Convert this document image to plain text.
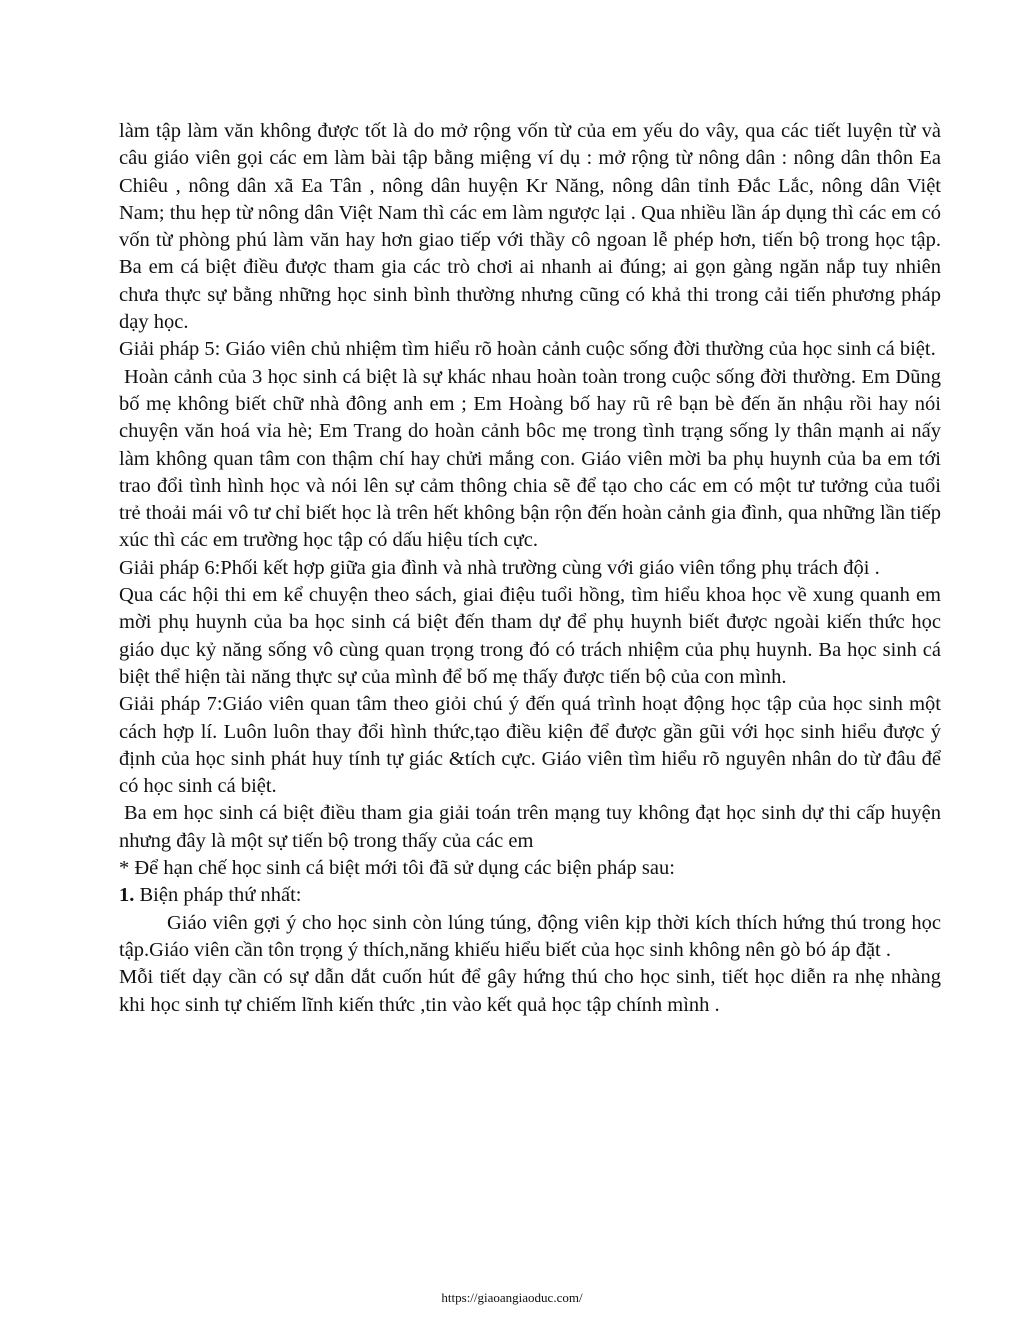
làm tập làm văn không được tốt là do mở rộng vốn từ của em yếu do vây, qua các tiết luyện từ và câu giáo viên gọi các em làm bài tập bằng miệng ví dụ : mở rộng từ nông dân : nông dân thôn Ea Chiêu , nông dân xã Ea Tân , nông dân huyện Kr Năng, nông dân tỉnh Đắc Lắc, nông dân Việt Nam; thu hẹp từ nông dân Việt Nam thì các em làm ngược lại . Qua nhiều lần áp dụng thì các em có vốn từ phòng phú làm văn hay hơn giao tiếp với thầy cô ngoan lễ phép hơn, tiến bộ trong học tập. Ba em cá biệt điều được tham gia các trò chơi ai nhanh ai đúng; ai gọn gàng ngăn nắp tuy nhiên chưa thực sự bằng những học sinh bình thường nhưng cũng có khả thi trong cải tiến phương pháp dạy học.

Giải pháp 5: Giáo viên chủ nhiệm tìm hiểu rõ hoàn cảnh cuộc sống đời thường của học sinh cá biệt.

Hoàn cảnh của 3 học sinh cá biệt là sự khác nhau hoàn toàn trong cuộc sống đời thường. Em Dũng bố mẹ không biết chữ nhà đông anh em ; Em Hoàng bố hay rũ rê bạn bè đến ăn nhậu rồi hay nói chuyện văn hoá vỉa hè; Em Trang do hoàn cảnh bôc mẹ trong tình trạng sống ly thân mạnh ai nấy làm không quan tâm con thậm chí hay chửi mắng con. Giáo viên mời ba phụ huynh của ba em tới trao đổi tình hình học và nói lên sự cảm thông chia sẽ để tạo cho các em có một tư tưởng của tuổi trẻ thoải mái vô tư chỉ biết học là trên hết không bận rộn đến hoàn cảnh gia đình, qua những lần tiếp xúc thì các em trường học tập có dấu hiệu tích cực.

Giải pháp 6:Phối kết hợp giữa gia đình và nhà trường cùng với giáo viên tổng phụ trách đội .

Qua các hội thi em kể chuyện theo sách, giai điệu tuổi hồng, tìm hiểu khoa học về xung quanh em mời phụ huynh của ba học sinh cá biệt đến tham dự để phụ huynh biết được ngoài kiến thức học giáo dục kỷ năng sống vô cùng quan trọng trong đó có trách nhiệm của phụ huynh. Ba học sinh cá biệt thể hiện tài năng thực sự của mình để bố mẹ thấy được tiến bộ của con mình.

Giải pháp 7:Giáo viên quan tâm theo giỏi chú ý đến quá trình hoạt động học tập của học sinh một cách hợp lí. Luôn luôn thay đổi hình thức,tạo điều kiện để được gần gũi với học sinh hiểu được ý định của học sinh phát huy tính tự giác &tích cực. Giáo viên tìm hiểu rõ nguyên nhân do từ đâu để có học sinh cá biệt.

Ba em học sinh cá biệt điều tham gia giải toán trên mạng tuy không đạt học sinh dự thi cấp huyện nhưng đây là một sự tiến bộ trong thấy của các em

* Để hạn chế học sinh cá biệt mới tôi đã sử dụng các biện pháp sau:

1. Biện pháp thứ nhất:

Giáo viên gợi ý cho học sinh còn lúng túng, động viên kịp thời kích thích hứng thú trong học tập.Giáo viên cần tôn trọng ý thích,năng khiếu hiểu biết của học sinh không nên gò bó áp đặt .

Mỗi tiết dạy cần có sự dẫn dắt cuốn hút để gây hứng thú cho học sinh, tiết học diễn ra nhẹ nhàng khi học sinh tự chiếm lĩnh kiến thức ,tin vào kết quả học tập chính mình .

https://giaoangiaoduc.com/
